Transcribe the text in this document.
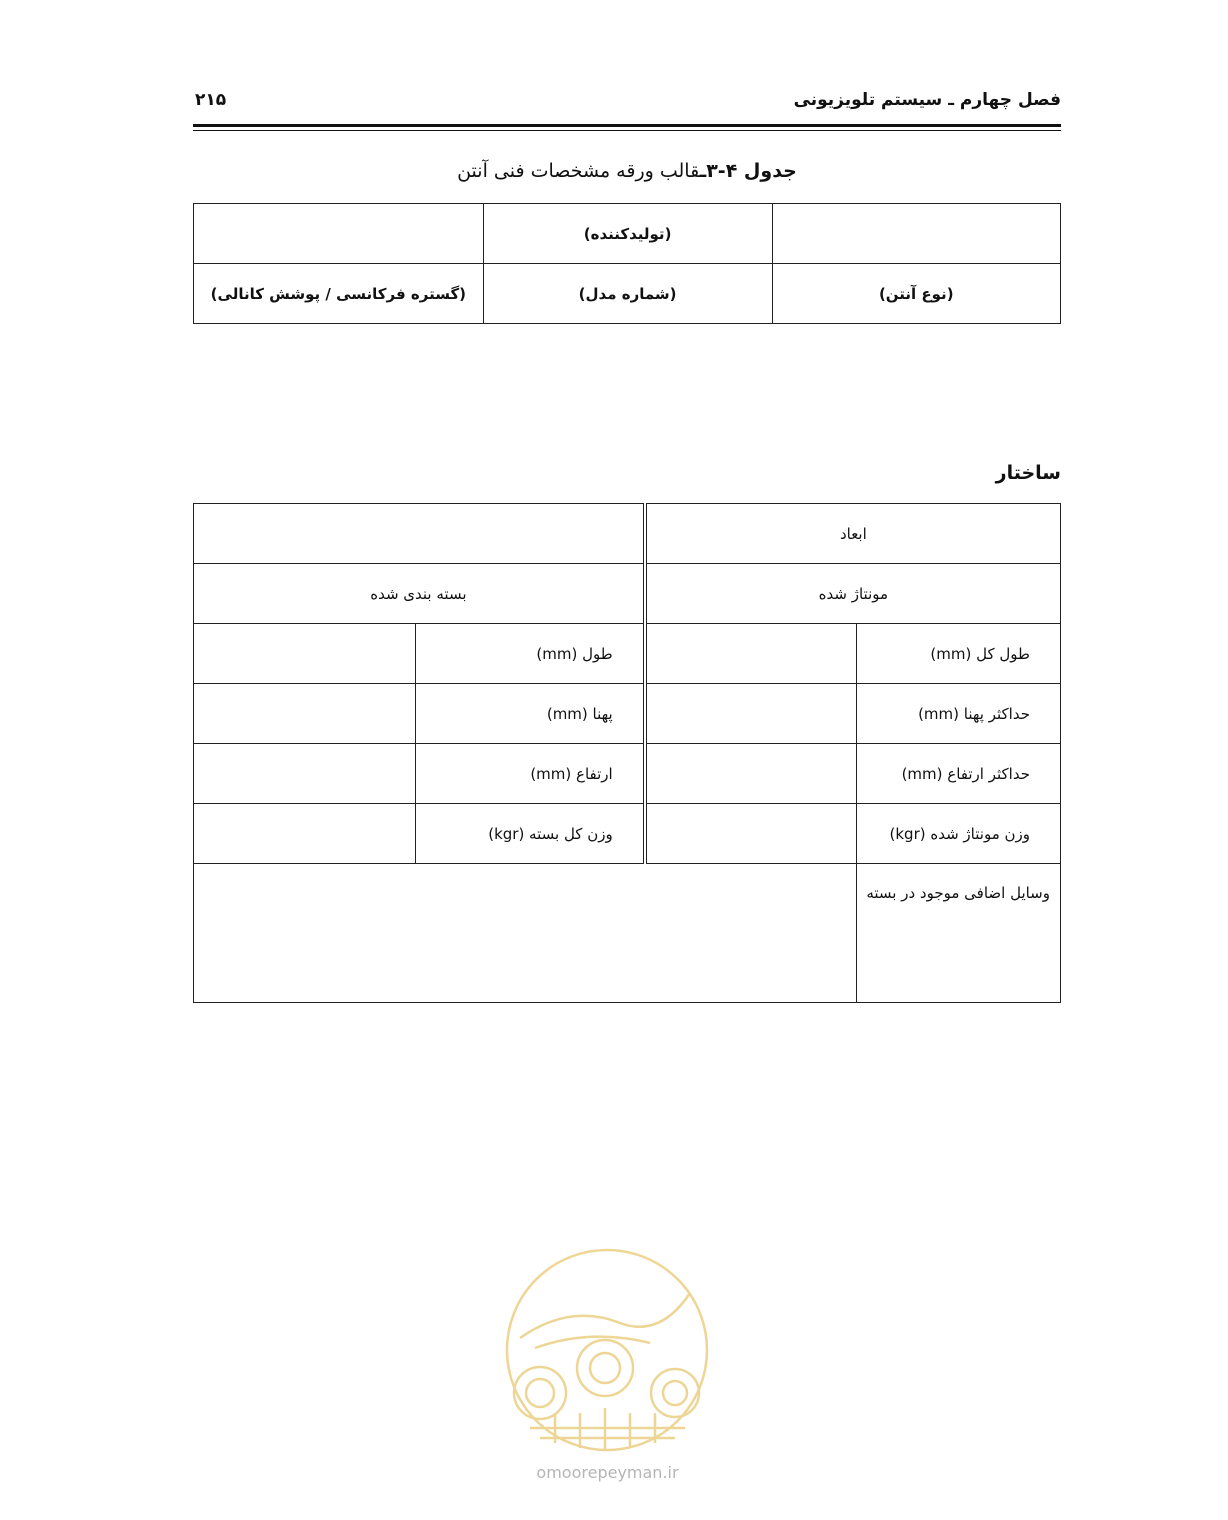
فصل چهارم ـ سیستم تلویزیونی
۲۱۵
جدول ۴-۳ـقالب ورقه مشخصات فنی آنتن
	(تولیدکننده)	
(نوع آنتن)	(شماره مدل)	(گستره فرکانسی / پوشش کانالی)
ساختار
ابعاد			
مونتاژ شده		بسته بندی شده	
طول کل (mm)		طول (mm)	
حداکثر پهنا (mm)		پهنا (mm)	
حداکثر ارتفاع (mm)		ارتفاع (mm)	
وزن مونتاژ شده (kgr)		وزن کل بسته (kgr)	
وسایل اضافی موجود در بسته			
omoorepeyman.ir
